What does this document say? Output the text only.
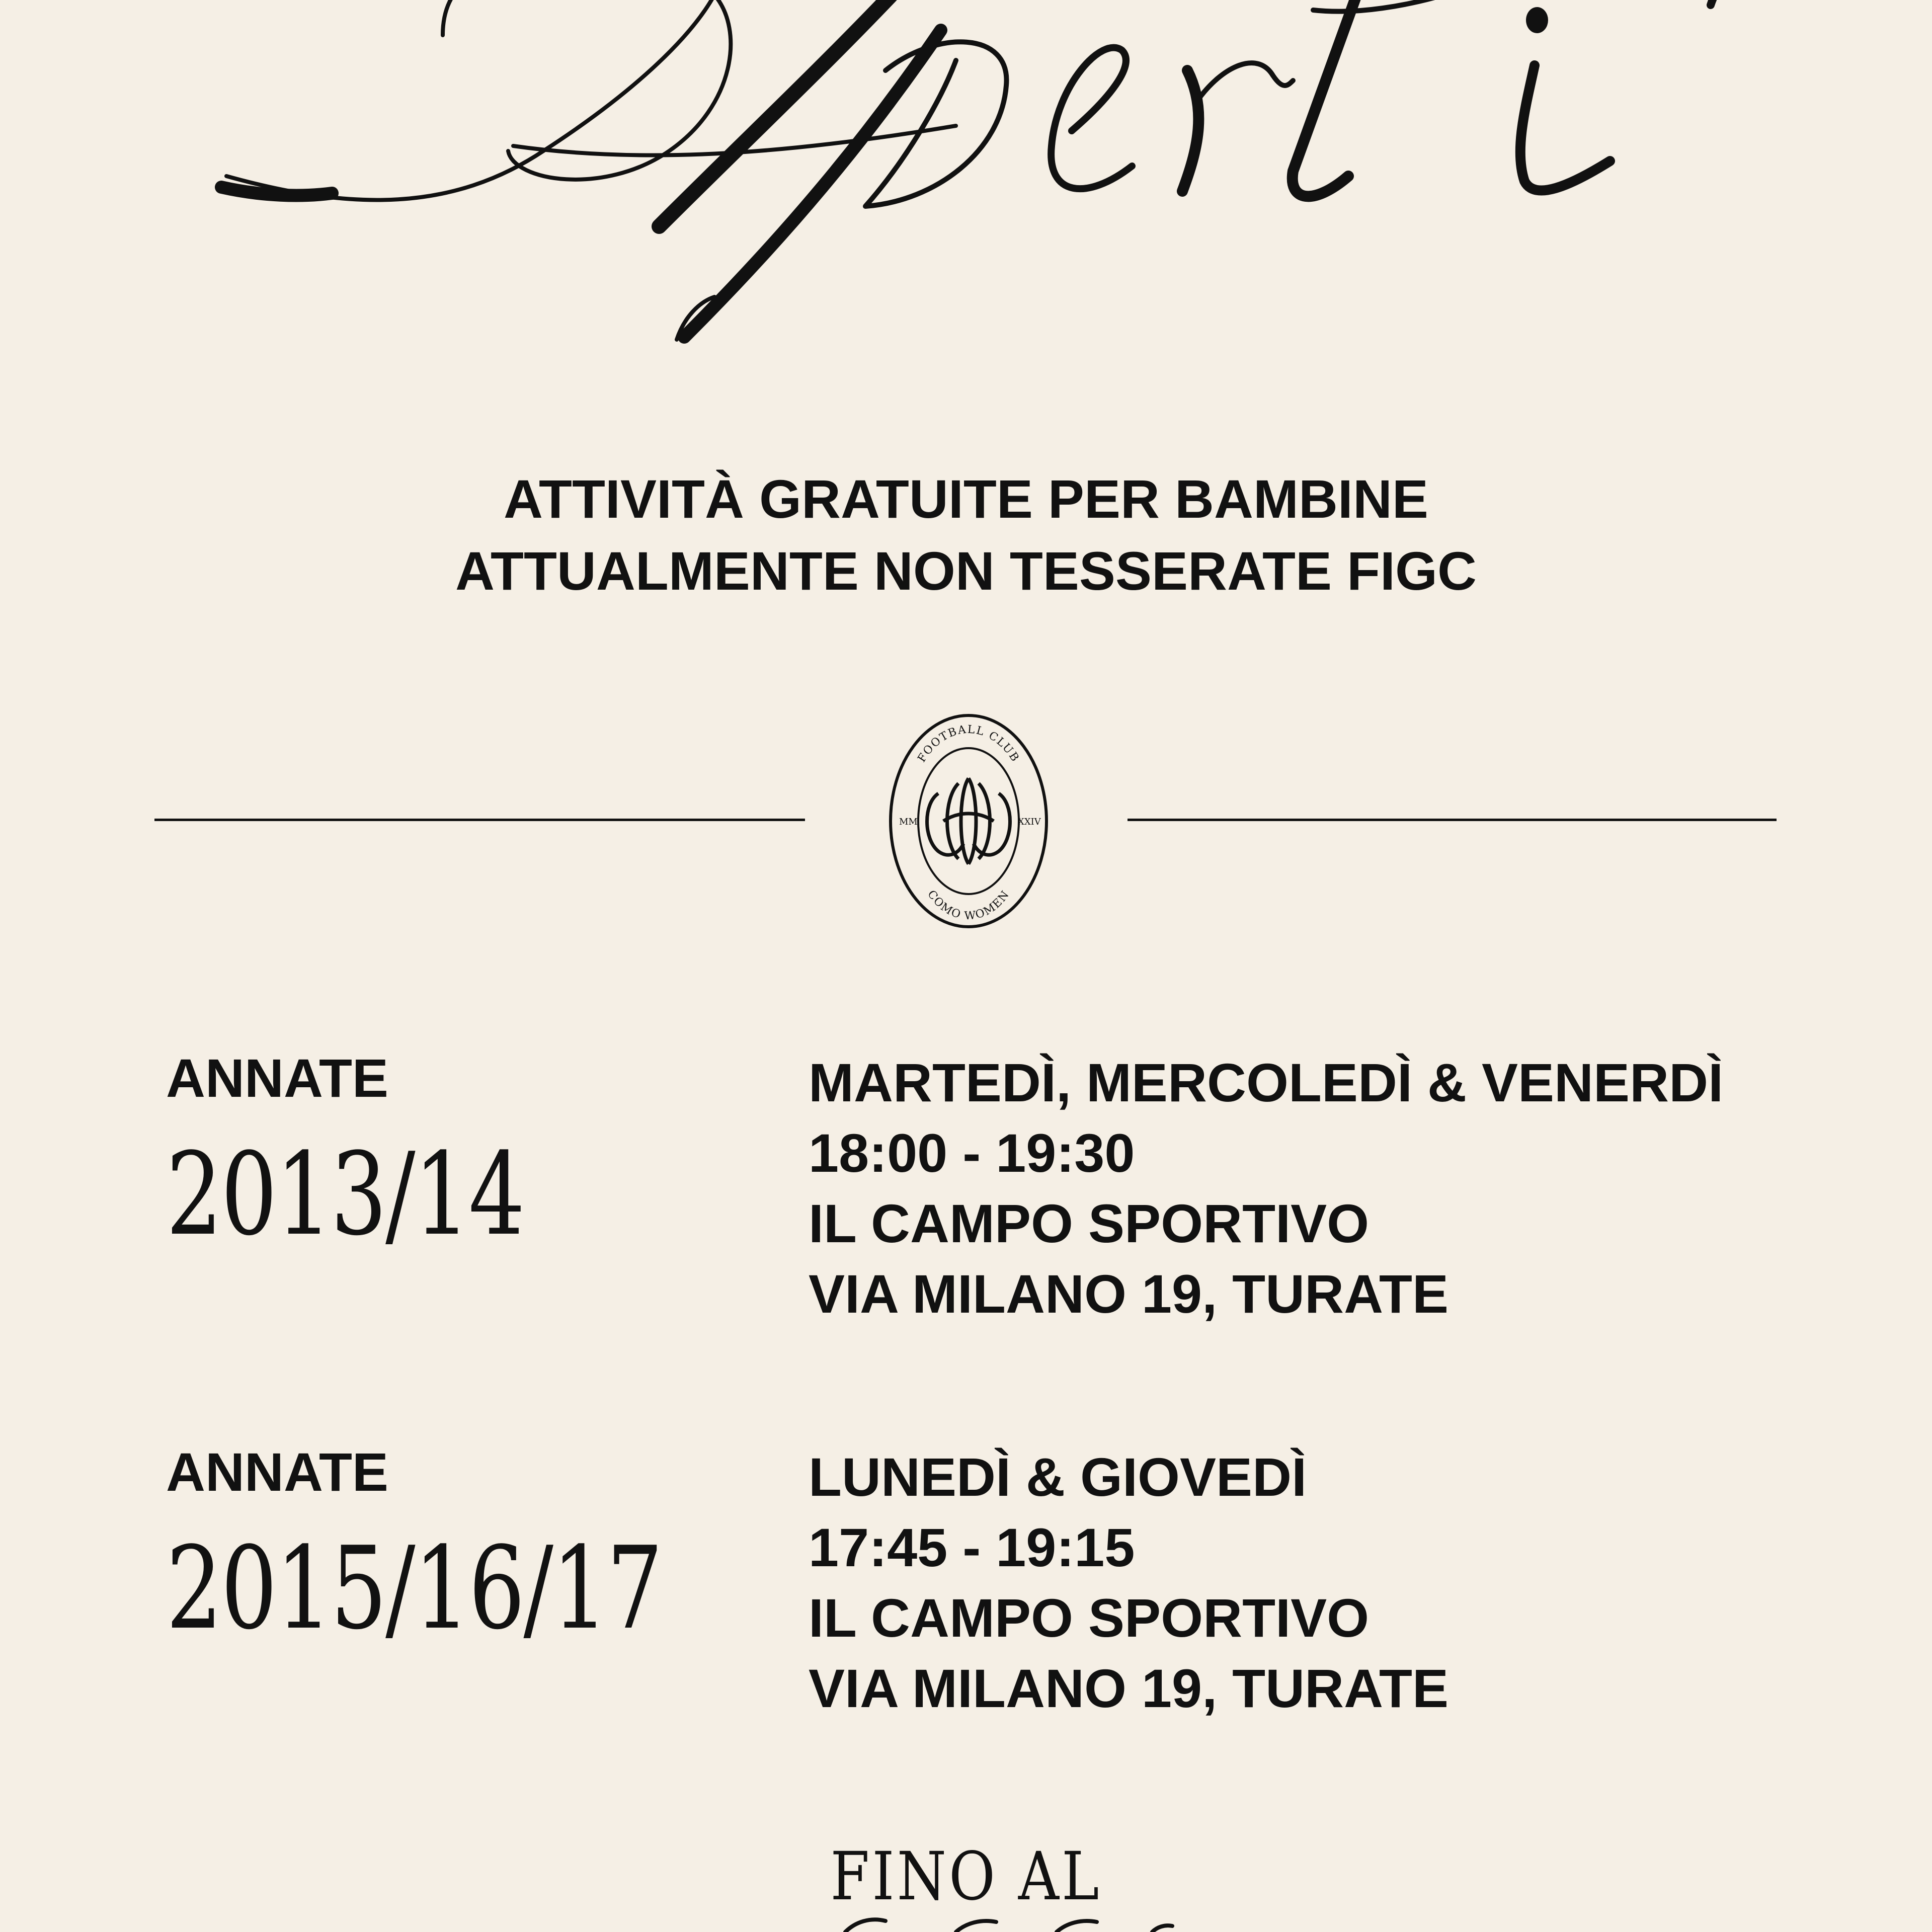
ATTIVITÀ GRATUITE PER BAMBINE
ATTUALMENTE NON TESSERATE FIGC
FOOTBALL CLUB
COMO WOMEN
MM	XXIV
ANNATE
2013/14
MARTEDÌ, MERCOLEDÌ & VENERDÌ
18:00 - 19:30
IL CAMPO SPORTIVO
VIA MILANO 19, TURATE
ANNATE
2015/16/17
LUNEDÌ & GIOVEDÌ
17:45 - 19:15
IL CAMPO SPORTIVO
VIA MILANO 19, TURATE
FINO AL
